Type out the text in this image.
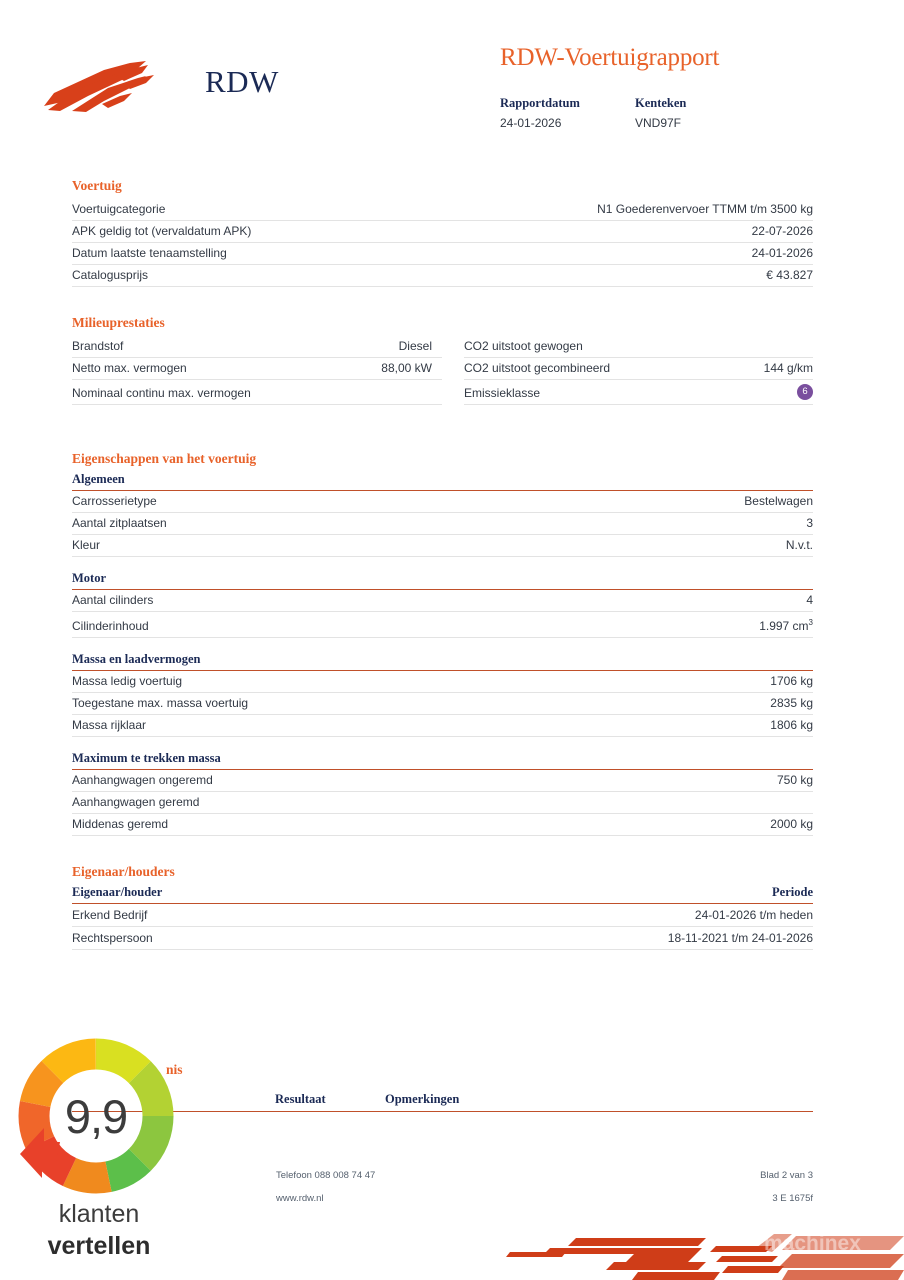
RDW
RDW-Voertuigrapport
Rapportdatum
24-01-2026
Kenteken
VND97F
Voertuig
Voertuigcategorie	N1 Goederenvervoer TTMM t/m 3500 kg
APK geldig tot (vervaldatum APK)	22-07-2026
Datum laatste tenaamstelling	24-01-2026
Catalogusprijs	€ 43.827
Milieuprestaties
Brandstof	Diesel		CO2 uitstoot gewogen	
Netto max. vermogen	88,00 kW		CO2 uitstoot gecombineerd	144 g/km
Nominaal continu max. vermogen			Emissieklasse	6
Eigenschappen van het voertuig
Algemeen
Carrosserietype	Bestelwagen
Aantal zitplaatsen	3
Kleur	N.v.t.
Motor
Aantal cilinders	4
Cilinderinhoud	1.997 $cm^3$
Massa en laadvermogen
Massa ledig voertuig	1706 kg
Toegestane max. massa voertuig	2835 kg
Massa rijklaar	1806 kg
Maximum te trekken massa
Aanhangwagen ongeremd	750 kg
Aanhangwagen geremd	
Middenas geremd	2000 kg
Eigenaar/houders
Eigenaar/houder	Periode
Erkend Bedrijf	24-01-2026 t/m heden
Rechtspersoon	18-11-2021 t/m 24-01-2026
nis
	Resultaat	Opmerkingen
Telefoon 088 008 74 47	Blad 2 van 3
www.rdw.nl	3 E 1675f
9,9
klanten
vertellen	machinex
